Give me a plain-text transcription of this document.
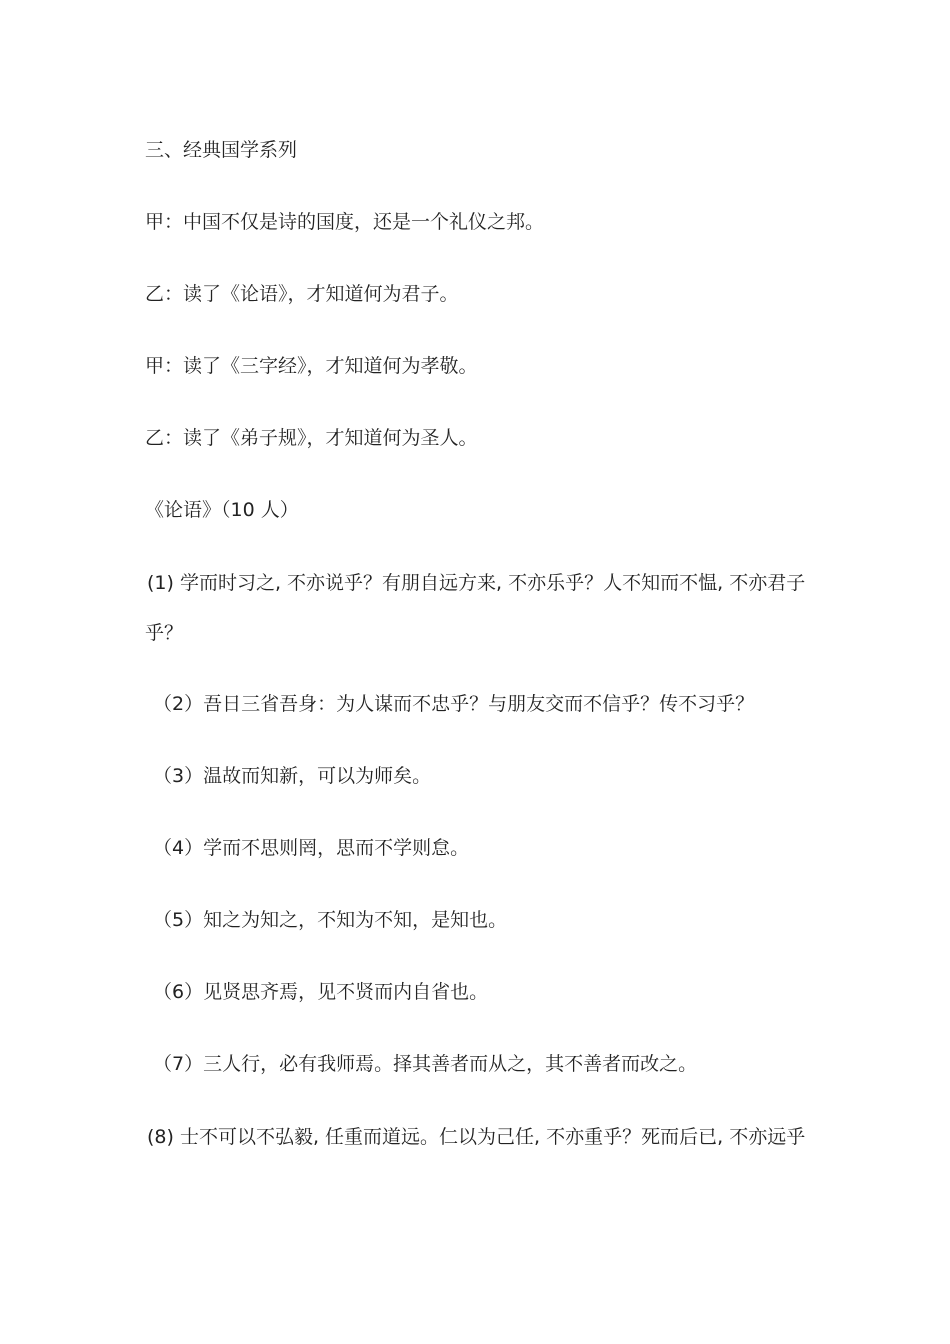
三、经典国学系列
甲：中国不仅是诗的国度，还是一个礼仪之邦。
乙：读了《论语》，才知道何为君子。
甲：读了《三字经》，才知道何为孝敬。
乙：读了《弟子规》，才知道何为圣人。
《论语》（10 人）
(1) 学而时习之, 不亦说乎？有朋自远方来, 不亦乐乎？人不知而不愠, 不亦君子
乎？
（2）吾日三省吾身：为人谋而不忠乎？与朋友交而不信乎？传不习乎？
（3）温故而知新，可以为师矣。
（4）学而不思则罔，思而不学则怠。
（5）知之为知之，不知为不知，是知也。
（6）见贤思齐焉，见不贤而内自省也。
（7）三人行，必有我师焉。择其善者而从之，其不善者而改之。
(8) 士不可以不弘毅, 任重而道远。仁以为己任, 不亦重乎？死而后已, 不亦远乎
